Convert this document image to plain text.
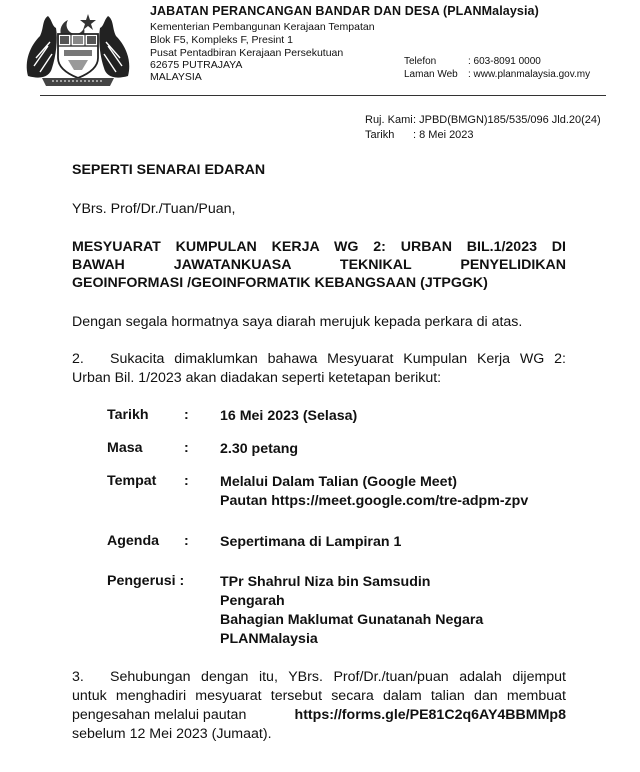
JABATAN PERANCANGAN BANDAR DAN DESA (PLANMalaysia)
Kementerian Pembangunan Kerajaan Tempatan
Blok F5, Kompleks F, Presint 1
Pusat Pentadbiran Kerajaan Persekutuan
62675 PUTRAJAYA
MALAYSIA
Telefon	: 603-8091 0000
Laman Web : www.planmalaysia.gov.my
Ruj. Kami : JPBD(BMGN)185/535/096 Jld.20(24)
Tarikh : 8 Mei 2023
SEPERTI SENARAI EDARAN
YBrs. Prof/Dr./Tuan/Puan,
MESYUARAT KUMPULAN KERJA WG 2: URBAN BIL.1/2023 DI
BAWAH JAWATANKUASA TEKNIKAL PENYELIDIKAN
GEOINFORMASI /GEOINFORMATIK KEBANGSAAN (JTPGGK)
Dengan segala hormatnya saya diarah merujuk kepada perkara di atas.
2. Sukacita dimaklumkan bahawa Mesyuarat Kumpulan Kerja WG 2:
Urban Bil. 1/2023 akan diadakan seperti ketetapan berikut:
Tarikh : 16 Mei 2023 (Selasa)
Masa	: 2.30 petang
Tempat : Melalui Dalam Talian (Google Meet)
Pautan https://meet.google.com/tre-adpm-zpv
Agenda : Sepertimana di Lampiran 1
Pengerusi :	TPr Shahrul Niza bin Samsudin
Pengarah
Bahagian Maklumat Gunatanah Negara
PLANMalaysia
3. Sehubungan dengan itu, YBrs. Prof/Dr./tuan/puan adalah dijemput
untuk menghadiri mesyuarat tersebut secara dalam talian dan membuat
pengesahan melalui pautan	https://forms.gle/PE81C2q6AY4BBMMp8
sebelum 12 Mei 2023 (Jumaat).
